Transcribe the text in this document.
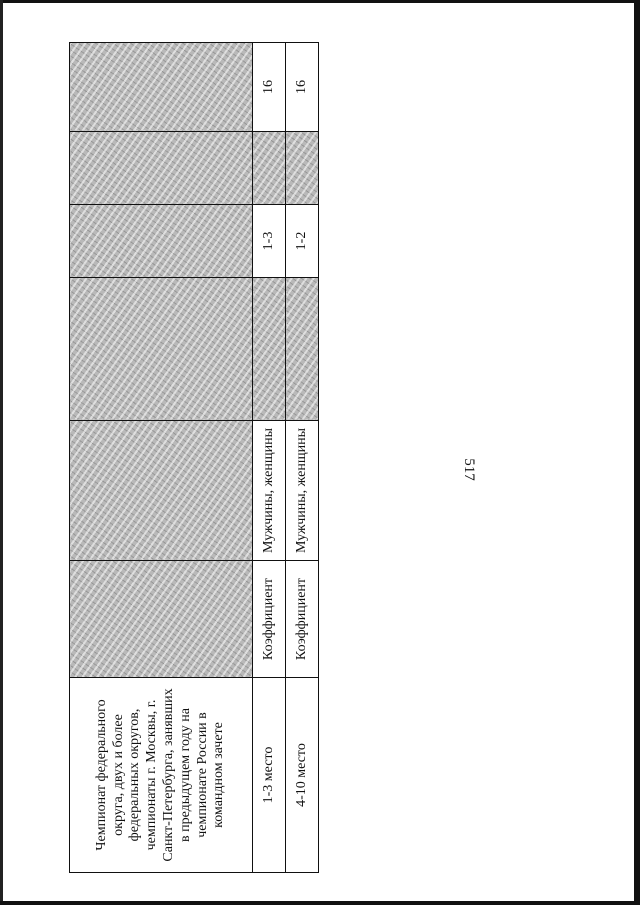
517
Чемпионат федерального округа, двух и более федеральных округов, чемпионаты г. Москвы, г. Санкт-Петербурга, занявших в предыдущем году на чемпионате России в командном зачете						
1-3 место	Коэффициент	Мужчины, женщины		1-3		16
4-10 место	Коэффициент	Мужчины, женщины		1-2		16
